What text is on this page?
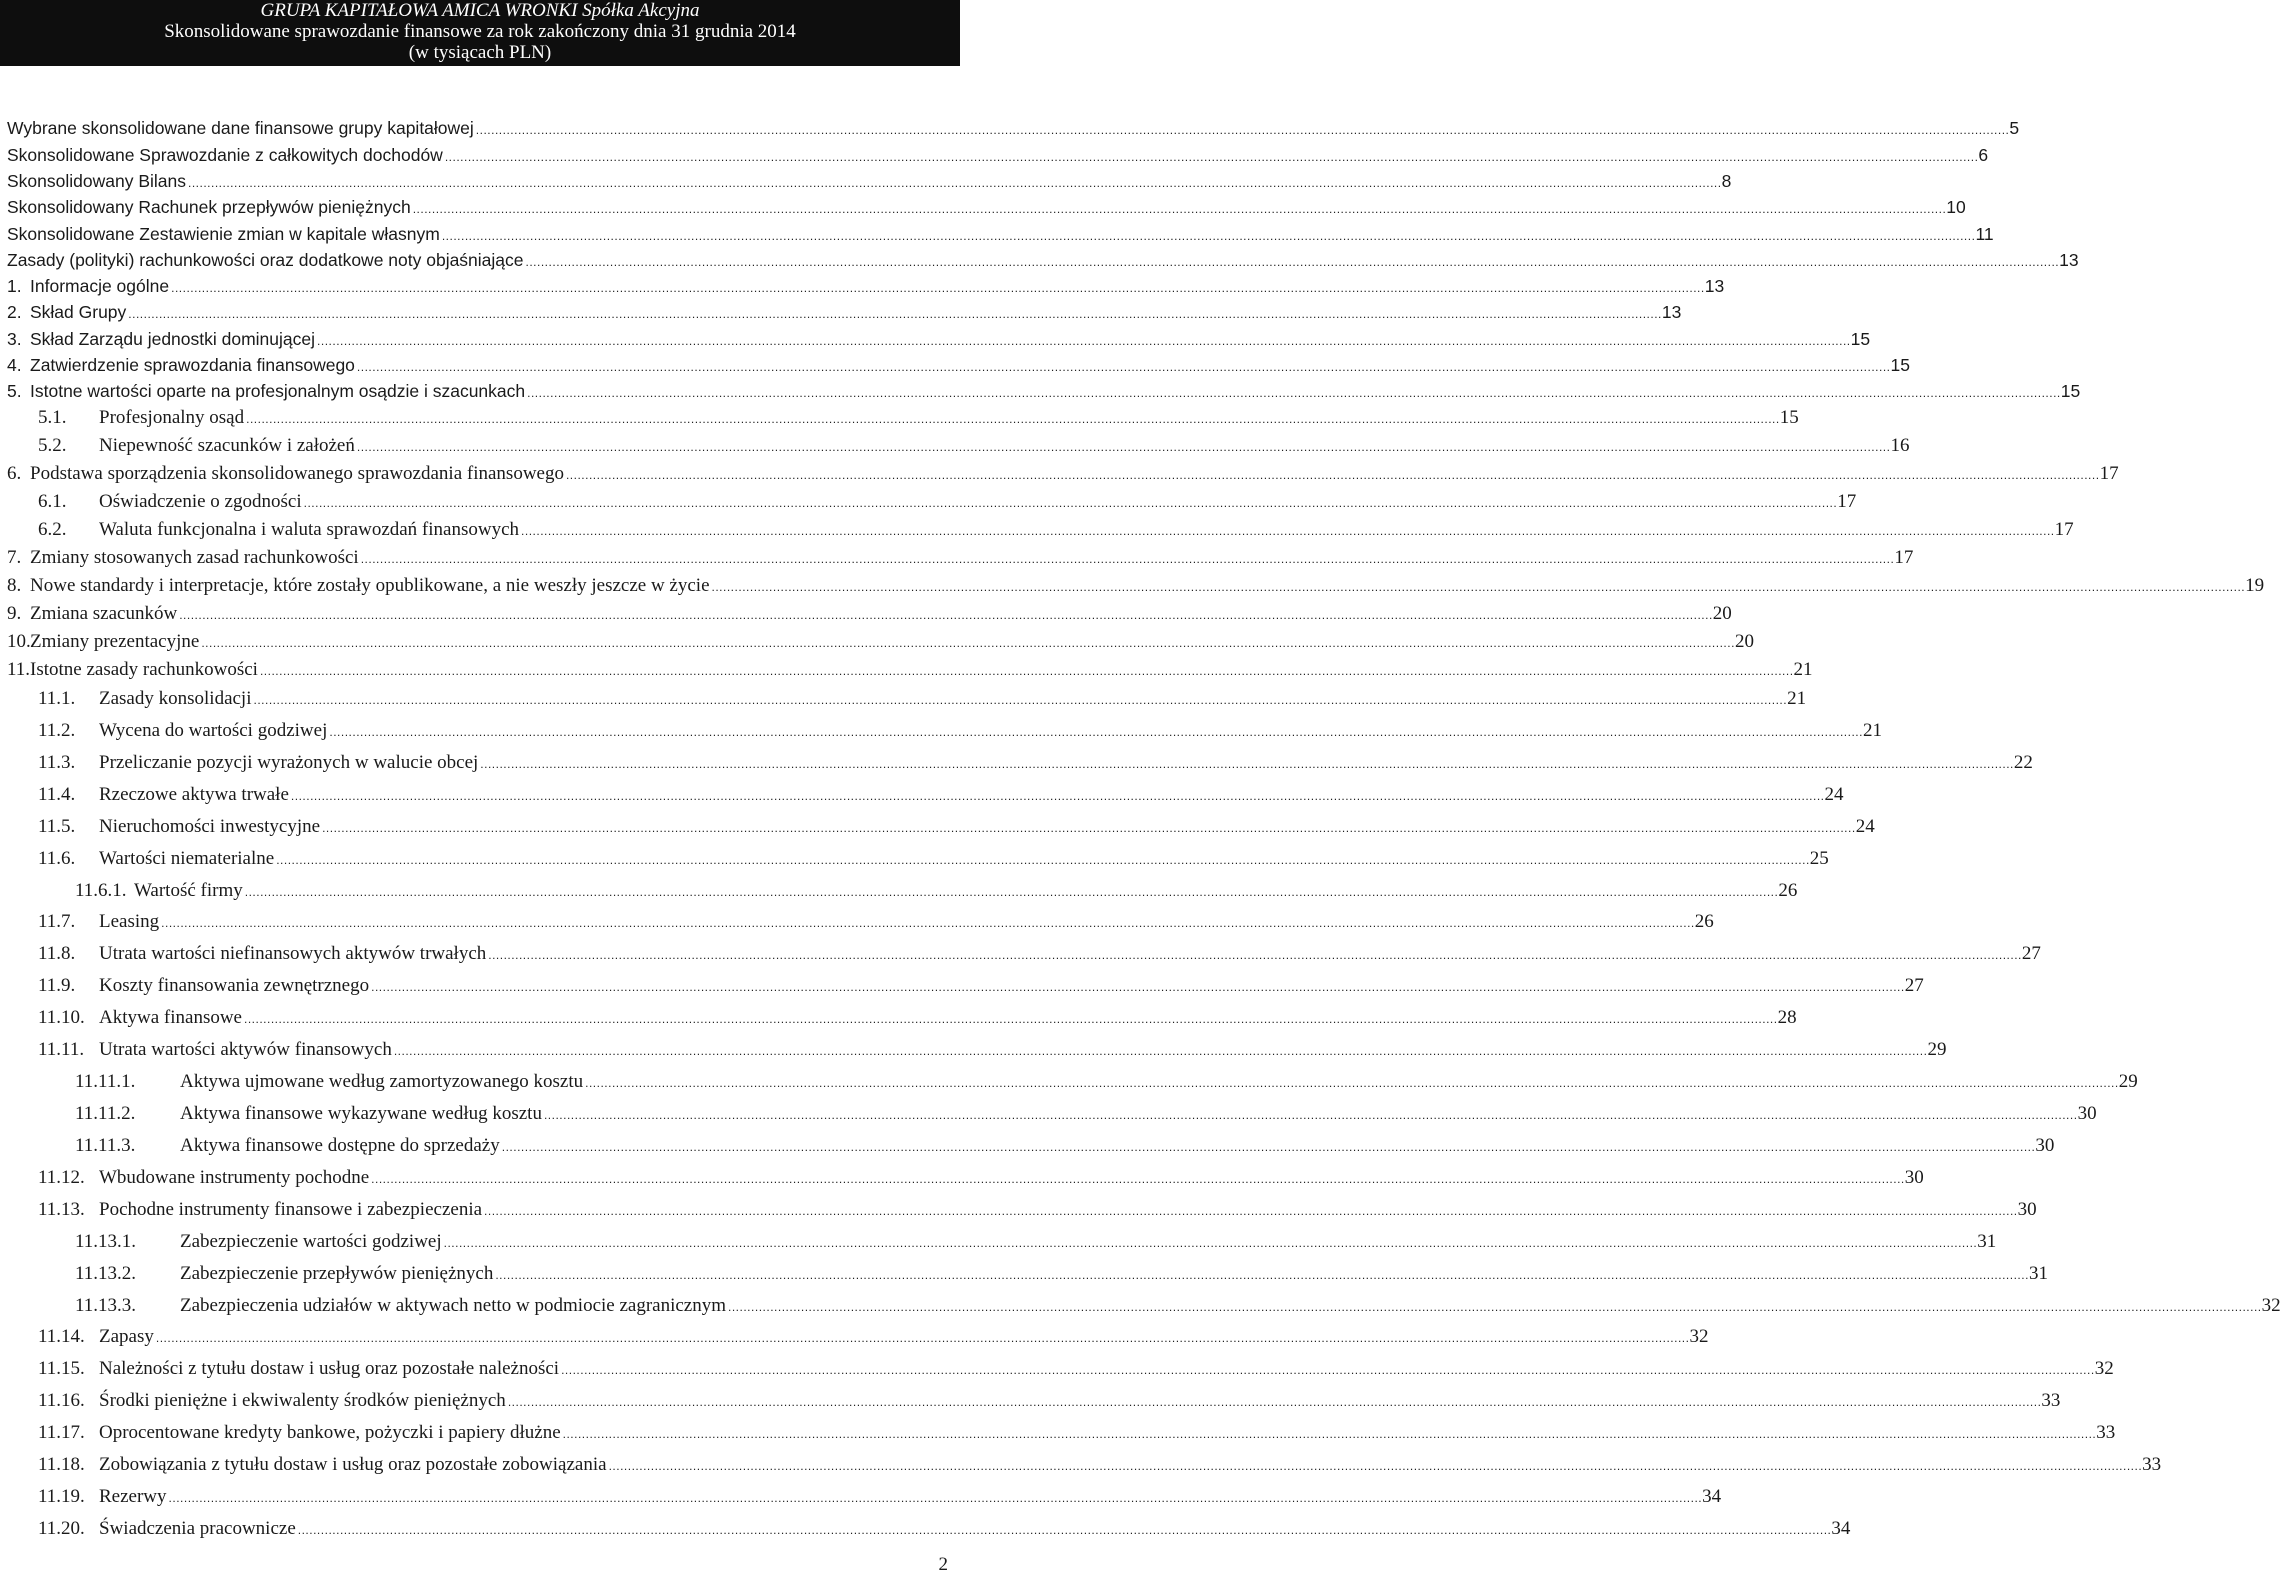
GRUPA KAPITAŁOWA AMICA WRONKI Spółka Akcyjna
Skonsolidowane sprawozdanie finansowe za rok zakończony dnia 31 grudnia 2014
(w tysiącach PLN)
Wybrane skonsolidowane dane finansowe grupy kapitałowej ................................................................................................................................................................................................................................................................................................................................................................................................................ 5
Skonsolidowane Sprawozdanie z całkowitych dochodów ................................................................................................................................................................................................................................................................................................................................................................................................................ 6
Skonsolidowany Bilans ................................................................................................................................................................................................................................................................................................................................................................................................................ 8
Skonsolidowany Rachunek przepływów pieniężnych ................................................................................................................................................................................................................................................................................................................................................................................................................ 10
Skonsolidowane Zestawienie zmian w kapitale własnym ................................................................................................................................................................................................................................................................................................................................................................................................................ 11
Zasady (polityki) rachunkowości oraz dodatkowe noty objaśniające ................................................................................................................................................................................................................................................................................................................................................................................................................ 13
1. Informacje ogólne ................................................................................................................................................................................................................................................................................................................................................................................................................ 13
2. Skład Grupy ................................................................................................................................................................................................................................................................................................................................................................................................................ 13
3. Skład Zarządu jednostki dominującej ................................................................................................................................................................................................................................................................................................................................................................................................................ 15
4. Zatwierdzenie sprawozdania finansowego ................................................................................................................................................................................................................................................................................................................................................................................................................ 15
5. Istotne wartości oparte na profesjonalnym osądzie i szacunkach ................................................................................................................................................................................................................................................................................................................................................................................................................ 15
5.1. Profesjonalny osąd ................................................................................................................................................................................................................................................................................................................................................................................................................ 15
5.2. Niepewność szacunków i założeń ................................................................................................................................................................................................................................................................................................................................................................................................................ 16
6. Podstawa sporządzenia skonsolidowanego sprawozdania finansowego ................................................................................................................................................................................................................................................................................................................................................................................................................ 17
6.1. Oświadczenie o zgodności ................................................................................................................................................................................................................................................................................................................................................................................................................ 17
6.2. Waluta funkcjonalna i waluta sprawozdań finansowych ................................................................................................................................................................................................................................................................................................................................................................................................................ 17
7. Zmiany stosowanych zasad rachunkowości ................................................................................................................................................................................................................................................................................................................................................................................................................ 17
8. Nowe standardy i interpretacje, które zostały opublikowane, a nie weszły jeszcze w życie ................................................................................................................................................................................................................................................................................................................................................................................................................ 19
9. Zmiana szacunków ................................................................................................................................................................................................................................................................................................................................................................................................................ 20
10. Zmiany prezentacyjne ................................................................................................................................................................................................................................................................................................................................................................................................................ 20
11. Istotne zasady rachunkowości ................................................................................................................................................................................................................................................................................................................................................................................................................ 21
11.1. Zasady konsolidacji ................................................................................................................................................................................................................................................................................................................................................................................................................ 21
11.2. Wycena do wartości godziwej ................................................................................................................................................................................................................................................................................................................................................................................................................ 21
11.3. Przeliczanie pozycji wyrażonych w walucie obcej ................................................................................................................................................................................................................................................................................................................................................................................................................ 22
11.4. Rzeczowe aktywa trwałe ................................................................................................................................................................................................................................................................................................................................................................................................................ 24
11.5. Nieruchomości inwestycyjne ................................................................................................................................................................................................................................................................................................................................................................................................................ 24
11.6. Wartości niematerialne ................................................................................................................................................................................................................................................................................................................................................................................................................ 25
11.6.1. Wartość firmy ................................................................................................................................................................................................................................................................................................................................................................................................................ 26
11.7. Leasing ................................................................................................................................................................................................................................................................................................................................................................................................................ 26
11.8. Utrata wartości niefinansowych aktywów trwałych ................................................................................................................................................................................................................................................................................................................................................................................................................ 27
11.9. Koszty finansowania zewnętrznego ................................................................................................................................................................................................................................................................................................................................................................................................................ 27
11.10. Aktywa finansowe ................................................................................................................................................................................................................................................................................................................................................................................................................ 28
11.11. Utrata wartości aktywów finansowych ................................................................................................................................................................................................................................................................................................................................................................................................................ 29
11.11.1. Aktywa ujmowane według zamortyzowanego kosztu ................................................................................................................................................................................................................................................................................................................................................................................................................ 29
11.11.2. Aktywa finansowe wykazywane według kosztu ................................................................................................................................................................................................................................................................................................................................................................................................................ 30
11.11.3. Aktywa finansowe dostępne do sprzedaży ................................................................................................................................................................................................................................................................................................................................................................................................................ 30
11.12. Wbudowane instrumenty pochodne ................................................................................................................................................................................................................................................................................................................................................................................................................ 30
11.13. Pochodne instrumenty finansowe i zabezpieczenia ................................................................................................................................................................................................................................................................................................................................................................................................................ 30
11.13.1. Zabezpieczenie wartości godziwej ................................................................................................................................................................................................................................................................................................................................................................................................................ 31
11.13.2. Zabezpieczenie przepływów pieniężnych ................................................................................................................................................................................................................................................................................................................................................................................................................ 31
11.13.3. Zabezpieczenia udziałów w aktywach netto w podmiocie zagranicznym ................................................................................................................................................................................................................................................................................................................................................................................................................ 32
11.14. Zapasy ................................................................................................................................................................................................................................................................................................................................................................................................................ 32
11.15. Należności z tytułu dostaw i usług oraz pozostałe należności ................................................................................................................................................................................................................................................................................................................................................................................................................ 32
11.16. Środki pieniężne i ekwiwalenty środków pieniężnych ................................................................................................................................................................................................................................................................................................................................................................................................................ 33
11.17. Oprocentowane kredyty bankowe, pożyczki i papiery dłużne ................................................................................................................................................................................................................................................................................................................................................................................................................ 33
11.18. Zobowiązania z tytułu dostaw i usług oraz pozostałe zobowiązania ................................................................................................................................................................................................................................................................................................................................................................................................................ 33
11.19. Rezerwy ................................................................................................................................................................................................................................................................................................................................................................................................................ 34
11.20. Świadczenia pracownicze ................................................................................................................................................................................................................................................................................................................................................................................................................ 34
2
